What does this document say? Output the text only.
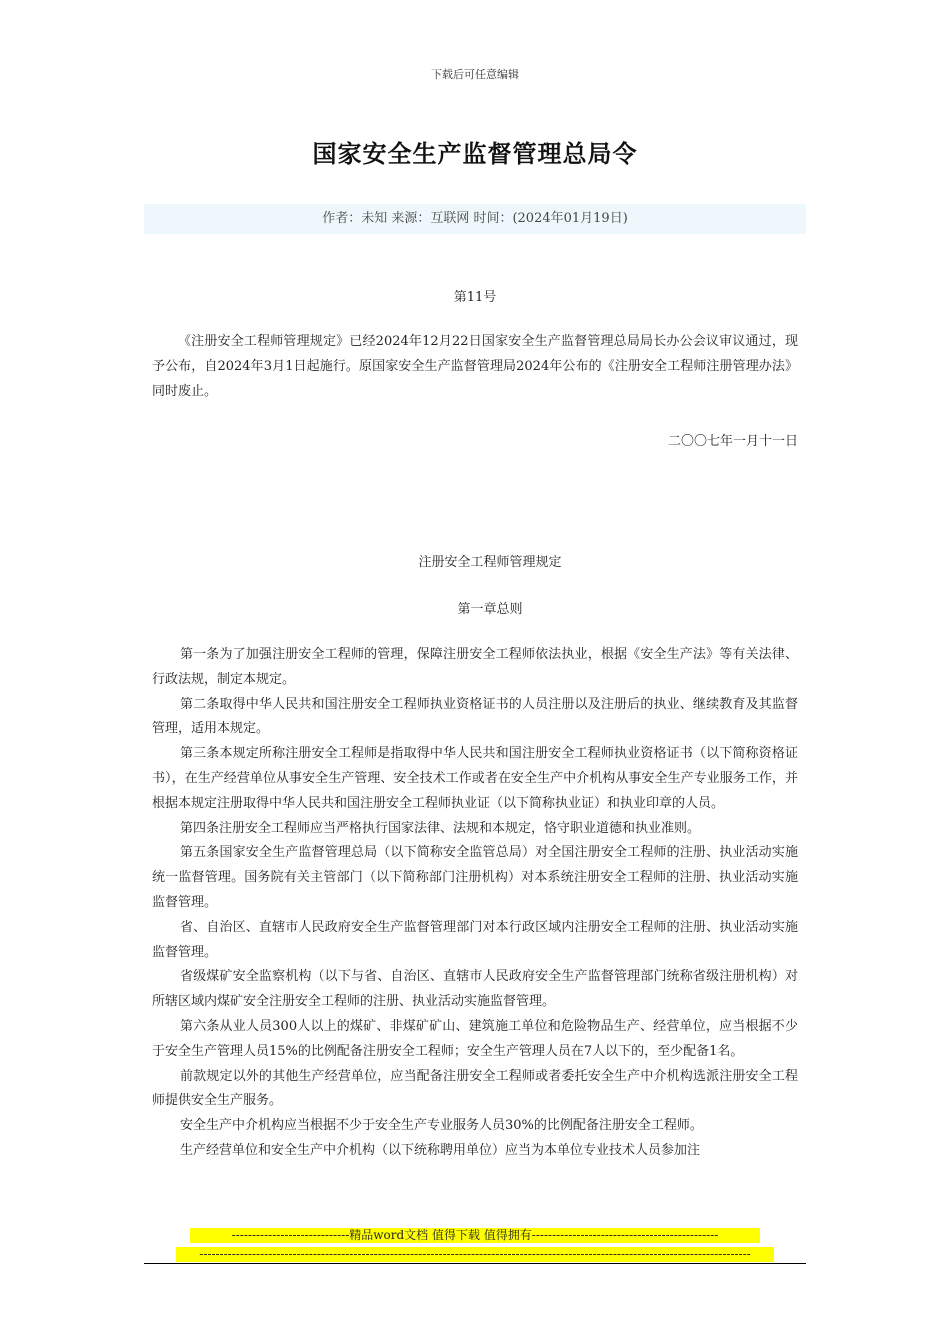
下载后可任意编辑
国家安全生产监督管理总局令
作者：未知 来源：互联网 时间：(2024年01月19日)
第11号

《注册安全工程师管理规定》已经2024年12月22日国家安全生产监督管理总局局长办公会议审议通过，现予公布，自2024年3月1日起施行。原国家安全生产监督管理局2024年公布的《注册安全工程师注册管理办法》同时废止。

二〇〇七年一月十一日
注册安全工程师管理规定
第一章总则

第一条为了加强注册安全工程师的管理，保障注册安全工程师依法执业，根据《安全生产法》等有关法律、行政法规，制定本规定。

第二条取得中华人民共和国注册安全工程师执业资格证书的人员注册以及注册后的执业、继续教育及其监督管理，适用本规定。

第三条本规定所称注册安全工程师是指取得中华人民共和国注册安全工程师执业资格证书（以下简称资格证书），在生产经营单位从事安全生产管理、安全技术工作或者在安全生产中介机构从事安全生产专业服务工作，并根据本规定注册取得中华人民共和国注册安全工程师执业证（以下简称执业证）和执业印章的人员。

第四条注册安全工程师应当严格执行国家法律、法规和本规定，恪守职业道德和执业准则。

第五条国家安全生产监督管理总局（以下简称安全监管总局）对全国注册安全工程师的注册、执业活动实施统一监督管理。国务院有关主管部门（以下简称部门注册机构）对本系统注册安全工程师的注册、执业活动实施监督管理。

省、自治区、直辖市人民政府安全生产监督管理部门对本行政区域内注册安全工程师的注册、执业活动实施监督管理。

省级煤矿安全监察机构（以下与省、自治区、直辖市人民政府安全生产监督管理部门统称省级注册机构）对所辖区域内煤矿安全注册安全工程师的注册、执业活动实施监督管理。

第六条从业人员300人以上的煤矿、非煤矿矿山、建筑施工单位和危险物品生产、经营单位，应当根据不少于安全生产管理人员15%的比例配备注册安全工程师；安全生产管理人员在7人以下的，至少配备1名。

前款规定以外的其他生产经营单位，应当配备注册安全工程师或者委托安全生产中介机构选派注册安全工程师提供安全生产服务。

安全生产中介机构应当根据不少于安全生产专业服务人员30%的比例配备注册安全工程师。

生产经营单位和安全生产中介机构（以下统称聘用单位）应当为本单位专业技术人员参加注

-----------------------------精品word文档 值得下载 值得拥有----------------------------------------------
----------------------------------------------------------------------------------------------------------------------------------------
